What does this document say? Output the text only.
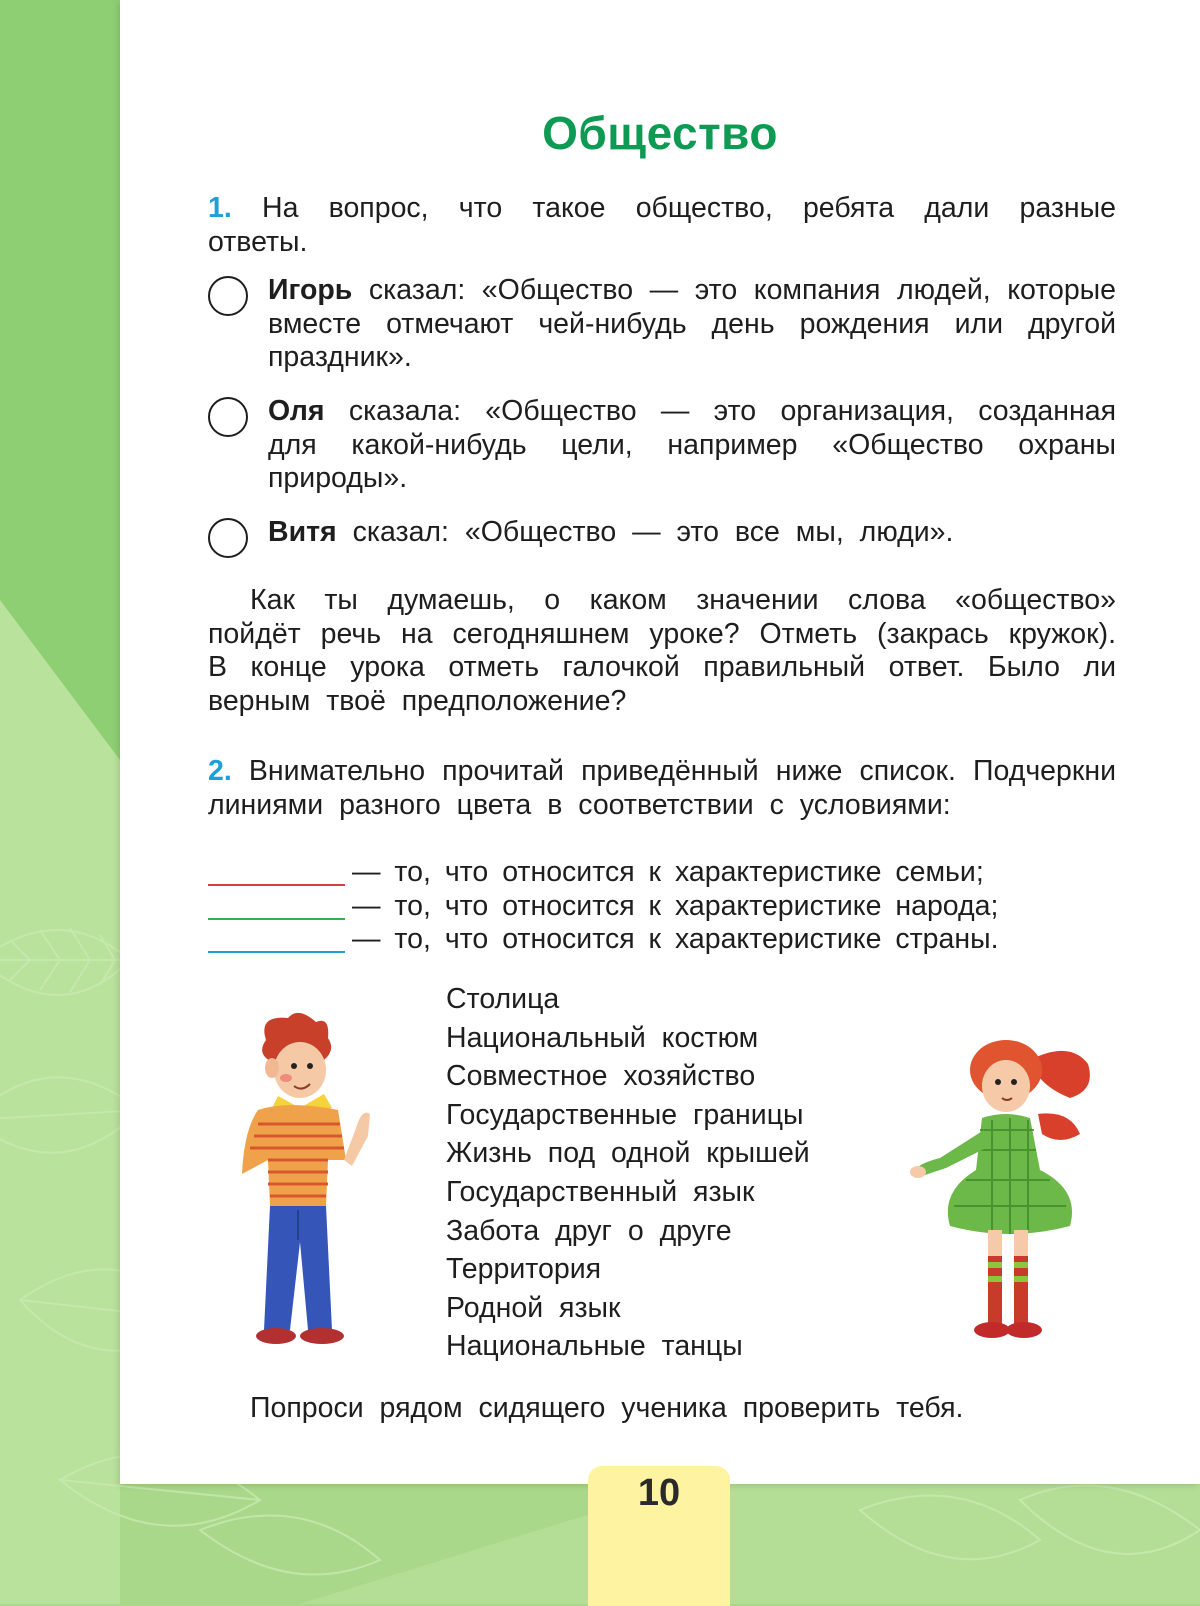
Общество
1. На вопрос, что такое общество, ребята дали разные ответы.
Игорь сказал: «Общество — это компания людей, которые вместе отмечают чей-нибудь день рождения или другой праздник».
Оля сказала: «Общество — это организация, созданная для какой-нибудь цели, например «Общество охраны природы».
Витя сказал: «Общество — это все мы, люди».
Как ты думаешь, о каком значении слова «общество» пойдёт речь на сегодняшнем уроке? Отметь (закрась кружок). В конце урока отметь галочкой правильный ответ. Было ли верным твоё предположение?
2. Внимательно прочитай приведённый ниже список. Подчеркни линиями разного цвета в соответствии с условиями:
— то, что относится к характеристике семьи;
— то, что относится к характеристике народа;
— то, что относится к характеристике страны.
Столица
Национальный костюм
Совместное хозяйство
Государственные границы
Жизнь под одной крышей
Государственный язык
Забота друг о друге
Территория
Родной язык
Национальные танцы
Попроси рядом сидящего ученика проверить тебя.
10
